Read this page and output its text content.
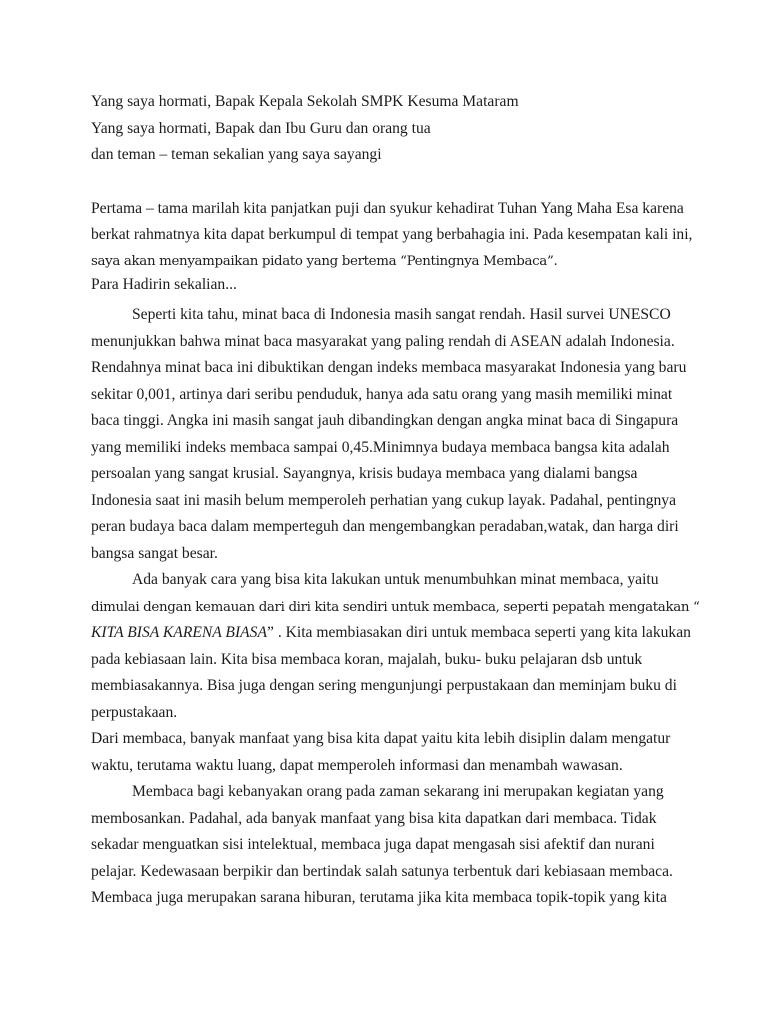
Yang saya hormati, Bapak Kepala Sekolah SMPK Kesuma Mataram
Yang saya hormati, Bapak dan Ibu Guru dan orang tua
dan teman – teman sekalian yang saya sayangi
Pertama – tama marilah kita panjatkan puji dan syukur kehadirat Tuhan Yang Maha Esa karena
berkat rahmatnya kita dapat berkumpul di tempat yang berbahagia ini. Pada kesempatan kali ini,
saya akan menyampaikan pidato yang bertema “Pentingnya Membaca”.
Para Hadirin sekalian...
Seperti kita tahu, minat baca di Indonesia masih sangat rendah. Hasil survei UNESCO
menunjukkan bahwa minat baca masyarakat yang paling rendah di ASEAN adalah Indonesia.
Rendahnya minat baca ini dibuktikan dengan indeks membaca masyarakat Indonesia yang baru
sekitar 0,001, artinya dari seribu penduduk, hanya ada satu orang yang masih memiliki minat
baca tinggi. Angka ini masih sangat jauh dibandingkan dengan angka minat baca di Singapura
yang memiliki indeks membaca sampai 0,45.Minimnya budaya membaca bangsa kita adalah
persoalan yang sangat krusial. Sayangnya, krisis budaya membaca yang dialami bangsa
Indonesia saat ini masih belum memperoleh perhatian yang cukup layak. Padahal, pentingnya
peran budaya baca dalam memperteguh dan mengembangkan peradaban,watak, dan harga diri
bangsa sangat besar.
Ada banyak cara yang bisa kita lakukan untuk menumbuhkan minat membaca, yaitu
dimulai dengan kemauan dari diri kita sendiri untuk membaca, seperti pepatah mengatakan “
KITA BISA KARENA BIASA” . Kita membiasakan diri untuk membaca seperti yang kita lakukan
pada kebiasaan lain. Kita bisa membaca koran, majalah, buku- buku pelajaran dsb untuk
membiasakannya. Bisa juga dengan sering mengunjungi perpustakaan dan meminjam buku di
perpustakaan.
Dari membaca, banyak manfaat yang bisa kita dapat yaitu kita lebih disiplin dalam mengatur
waktu, terutama waktu luang, dapat memperoleh informasi dan menambah wawasan.
Membaca bagi kebanyakan orang pada zaman sekarang ini merupakan kegiatan yang
membosankan. Padahal, ada banyak manfaat yang bisa kita dapatkan dari membaca. Tidak
sekadar menguatkan sisi intelektual, membaca juga dapat mengasah sisi afektif dan nurani
pelajar. Kedewasaan berpikir dan bertindak salah satunya terbentuk dari kebiasaan membaca.
Membaca juga merupakan sarana hiburan, terutama jika kita membaca topik-topik yang kita
